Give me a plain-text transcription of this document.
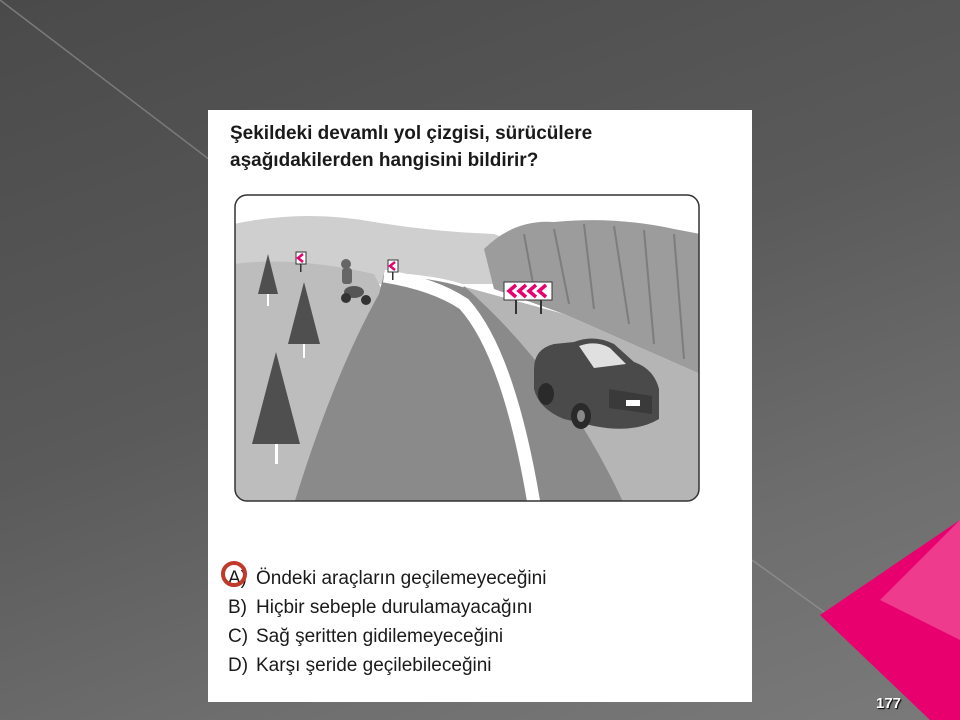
Şekildeki devamlı yol çizgisi, sürücülere
aşağıdakilerden hangisini bildirir?
A) Öndeki araçların geçilemeyeceğini
B) Hiçbir sebeple durulamayacağını
C) Sağ şeritten gidilemeyeceğini
D) Karşı şeride geçilebileceğini
177
